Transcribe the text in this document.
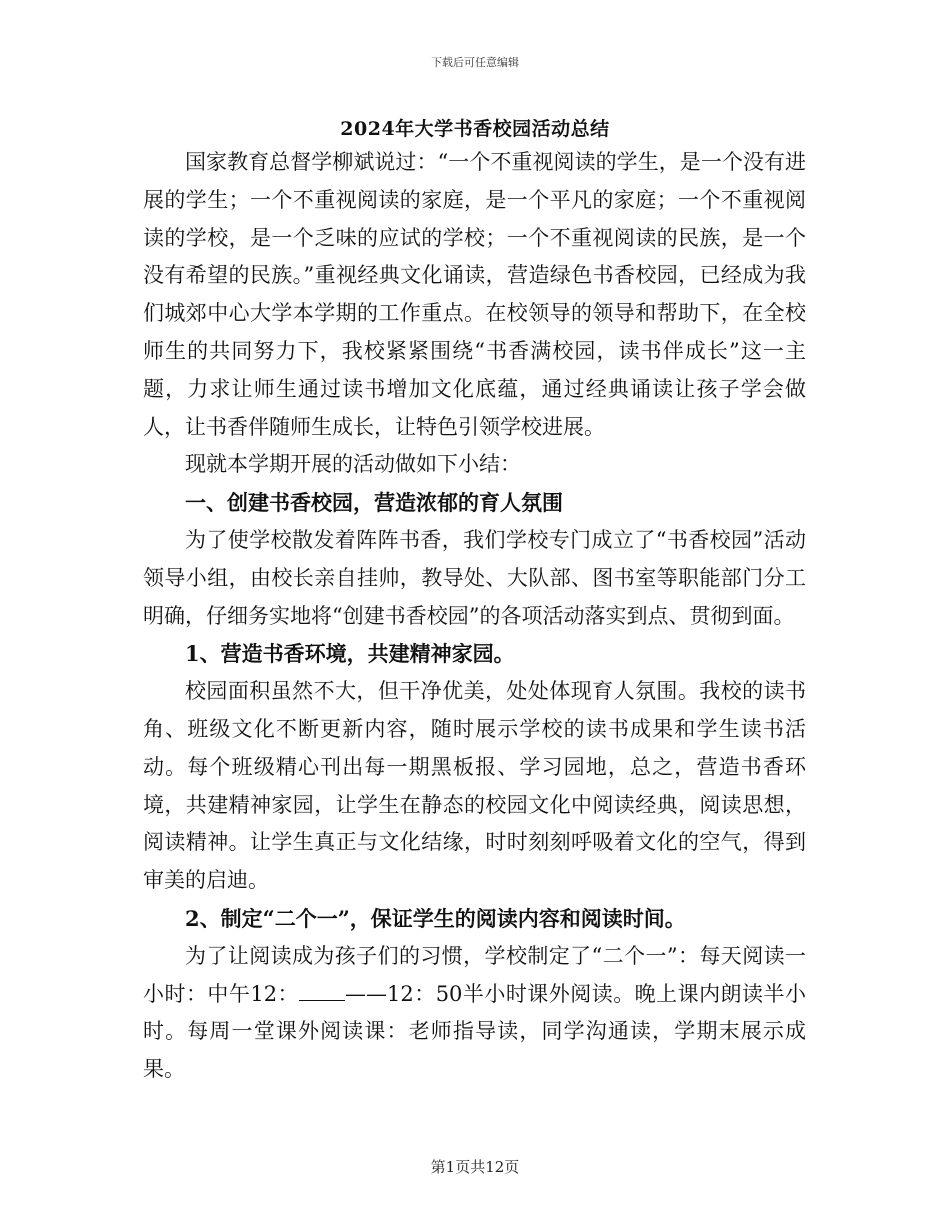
下载后可任意编辑
2024年大学书香校园活动总结

国家教育总督学柳斌说过：“一个不重视阅读的学生，是一个没有进展的学生；一个不重视阅读的家庭，是一个平凡的家庭；一个不重视阅读的学校，是一个乏味的应试的学校；一个不重视阅读的民族，是一个没有希望的民族。”重视经典文化诵读，营造绿色书香校园，已经成为我们城郊中心大学本学期的工作重点。在校领导的领导和帮助下，在全校师生的共同努力下，我校紧紧围绕“书香满校园，读书伴成长”这一主题，力求让师生通过读书增加文化底蕴，通过经典诵读让孩子学会做人，让书香伴随师生成长，让特色引领学校进展。

现就本学期开展的活动做如下小结：

一、创建书香校园，营造浓郁的育人氛围

为了使学校散发着阵阵书香，我们学校专门成立了“书香校园”活动领导小组，由校长亲自挂帅，教导处、大队部、图书室等职能部门分工明确，仔细务实地将“创建书香校园”的各项活动落实到点、贯彻到面。

1、营造书香环境，共建精神家园。

校园面积虽然不大，但干净优美，处处体现育人氛围。我校的读书角、班级文化不断更新内容，随时展示学校的读书成果和学生读书活动。每个班级精心刊出每一期黑板报、学习园地，总之，营造书香环境，共建精神家园，让学生在静态的校园文化中阅读经典，阅读思想，阅读精神。让学生真正与文化结缘，时时刻刻呼吸着文化的空气，得到审美的启迪。

2、制定“二个一”，保证学生的阅读内容和阅读时间。

为了让阅读成为孩子们的习惯，学校制定了“二个一”：每天阅读一小时：中午12： ——12：50半小时课外阅读。晚上课内朗读半小时。每周一堂课外阅读课：老师指导读，同学沟通读，学期末展示成果。

第1页共12页
